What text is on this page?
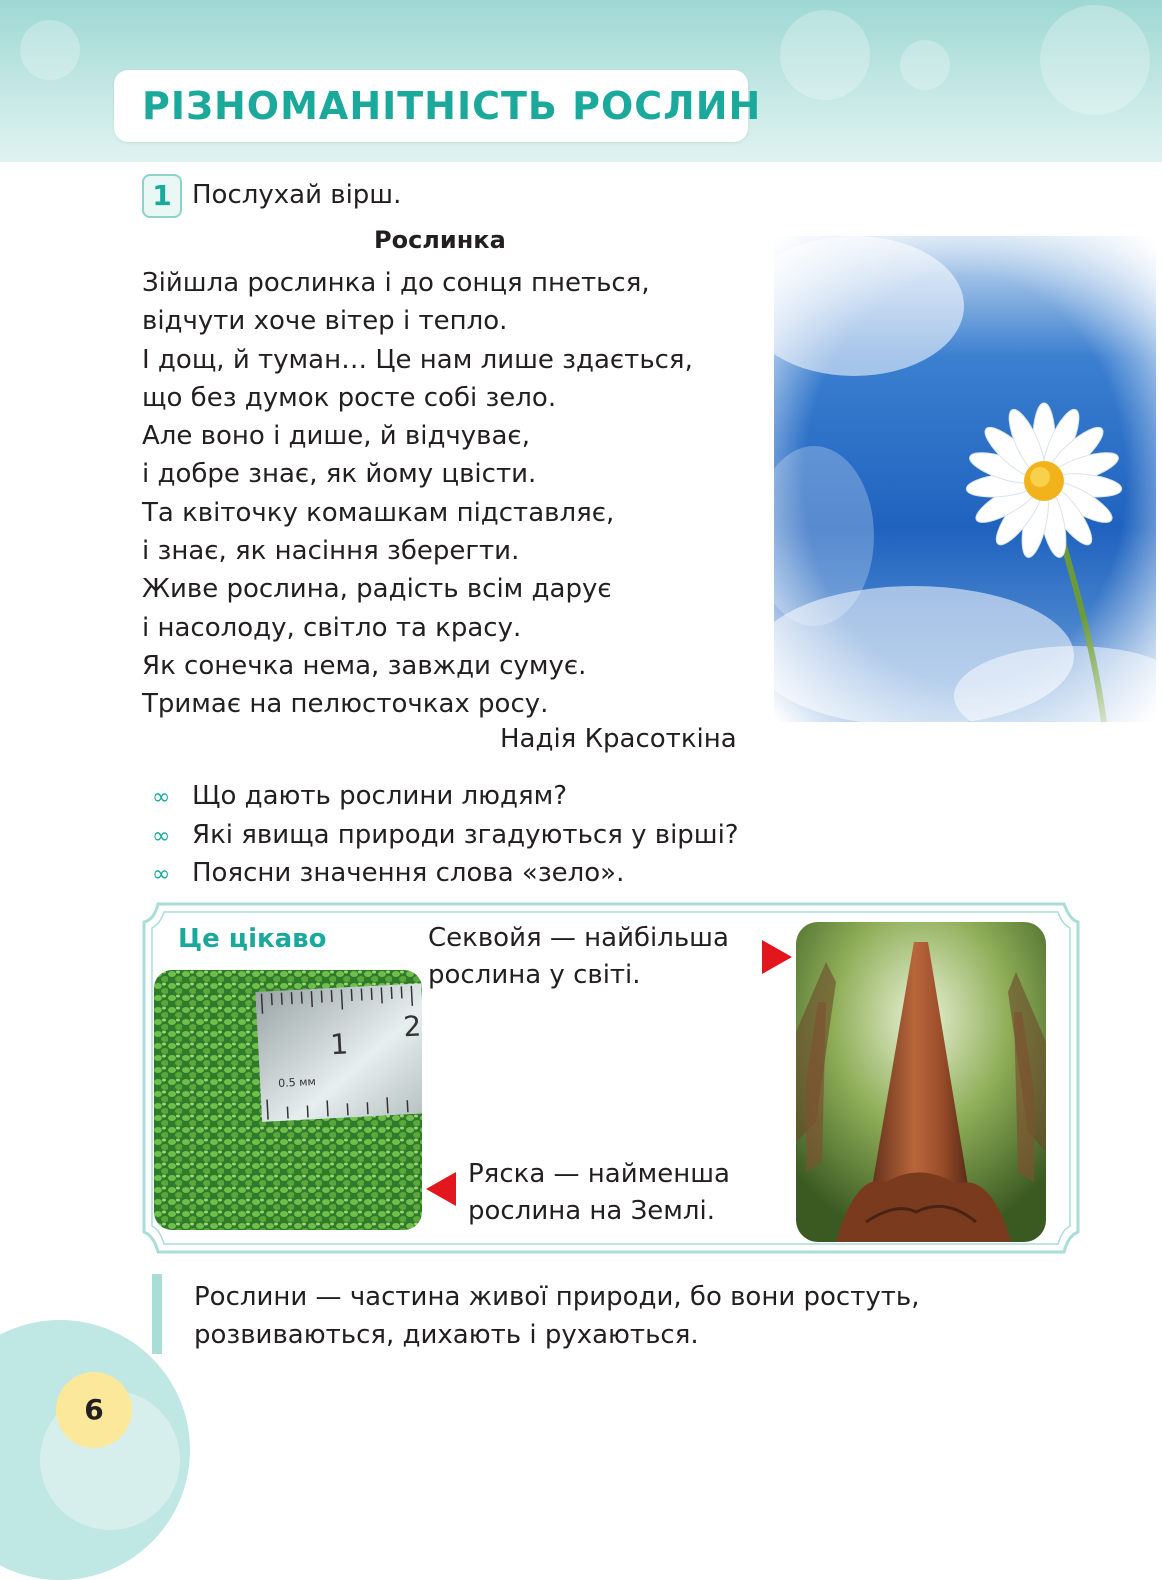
РІЗНОМАНІТНІСТЬ РОСЛИН
1 Послухай вірш.
Рослинка
Зійшла рослинка і до сонця пнеться,
відчути хоче вітер і тепло.
І дощ, й туман… Це нам лише здається,
що без думок росте собі зело.
Але воно і дише, й відчуває,
і добре знає, як йому цвісти.
Та квіточку комашкам підставляє,
і знає, як насіння зберегти.
Живе рослина, радість всім дарує
і насолоду, світло та красу.
Як сонечка нема, завжди сумує.
Тримає на пелюсточках росу.
Надія Красоткіна
∞ Що дають рослини людям?
∞ Які явища природи згадуються у вірші?
∞ Поясни значення слова «зело».
Це цікаво
1
2
0.5 мм
Секвойя — найбільша рослина у світі.
Ряска — найменша рослина на Землі.
Рослини — частина живої природи, бо вони ростуть, розвиваються, дихають і рухаються.
6
